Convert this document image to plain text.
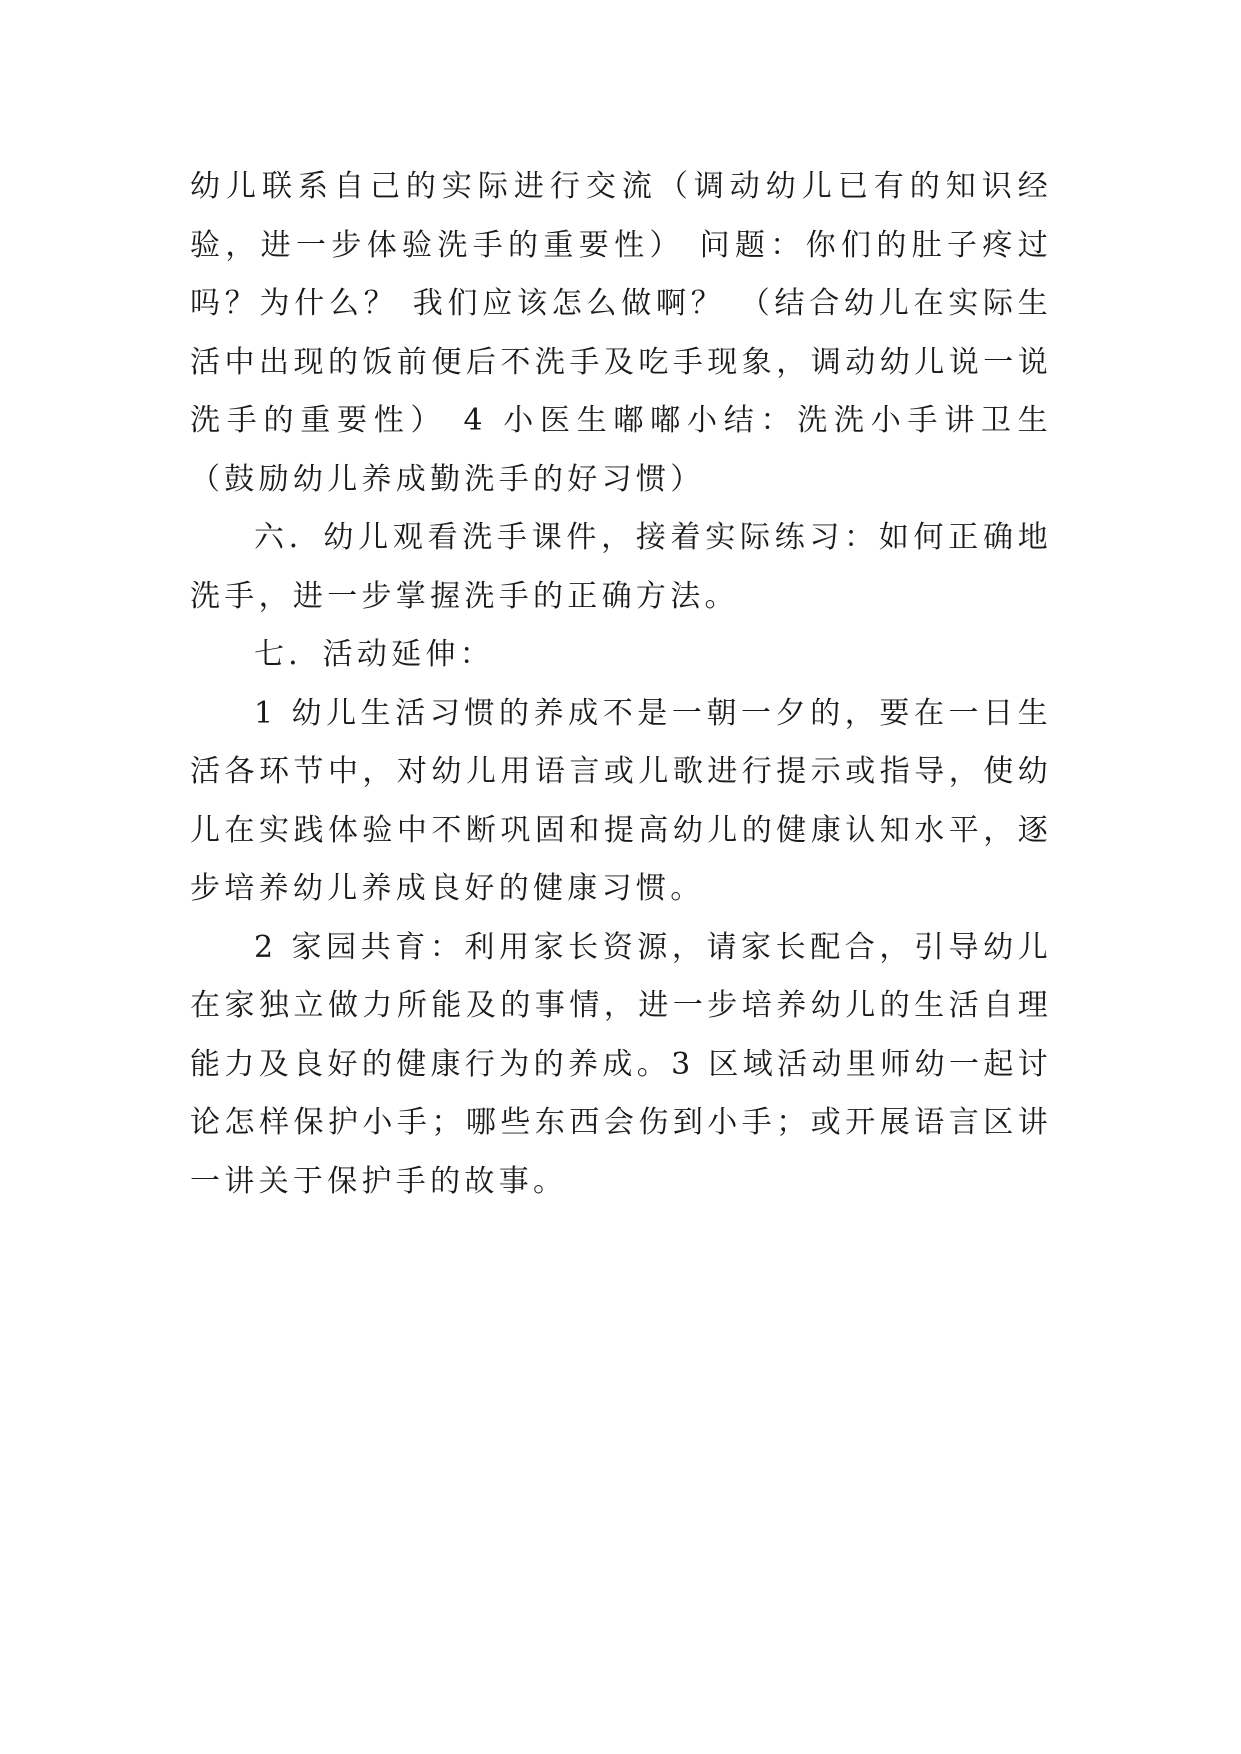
幼儿联系自己的实际进行交流（调动幼儿已有的知识经验，进一步体验洗手的重要性） 问题：你们的肚子疼过吗？为什么？ 我们应该怎么做啊？ （结合幼儿在实际生活中出现的饭前便后不洗手及吃手现象，调动幼儿说一说洗手的重要性） 4 小医生嘟嘟小结：洗洗小手讲卫生（鼓励幼儿养成勤洗手的好习惯）

六．幼儿观看洗手课件，接着实际练习：如何正确地洗手，进一步掌握洗手的正确方法。

七．活动延伸：

1 幼儿生活习惯的养成不是一朝一夕的，要在一日生活各环节中，对幼儿用语言或儿歌进行提示或指导，使幼儿在实践体验中不断巩固和提高幼儿的健康认知水平，逐步培养幼儿养成良好的健康习惯。

2 家园共育：利用家长资源，请家长配合，引导幼儿在家独立做力所能及的事情，进一步培养幼儿的生活自理能力及良好的健康行为的养成。3 区域活动里师幼一起讨论怎样保护小手；哪些东西会伤到小手；或开展语言区讲一讲关于保护手的故事。
